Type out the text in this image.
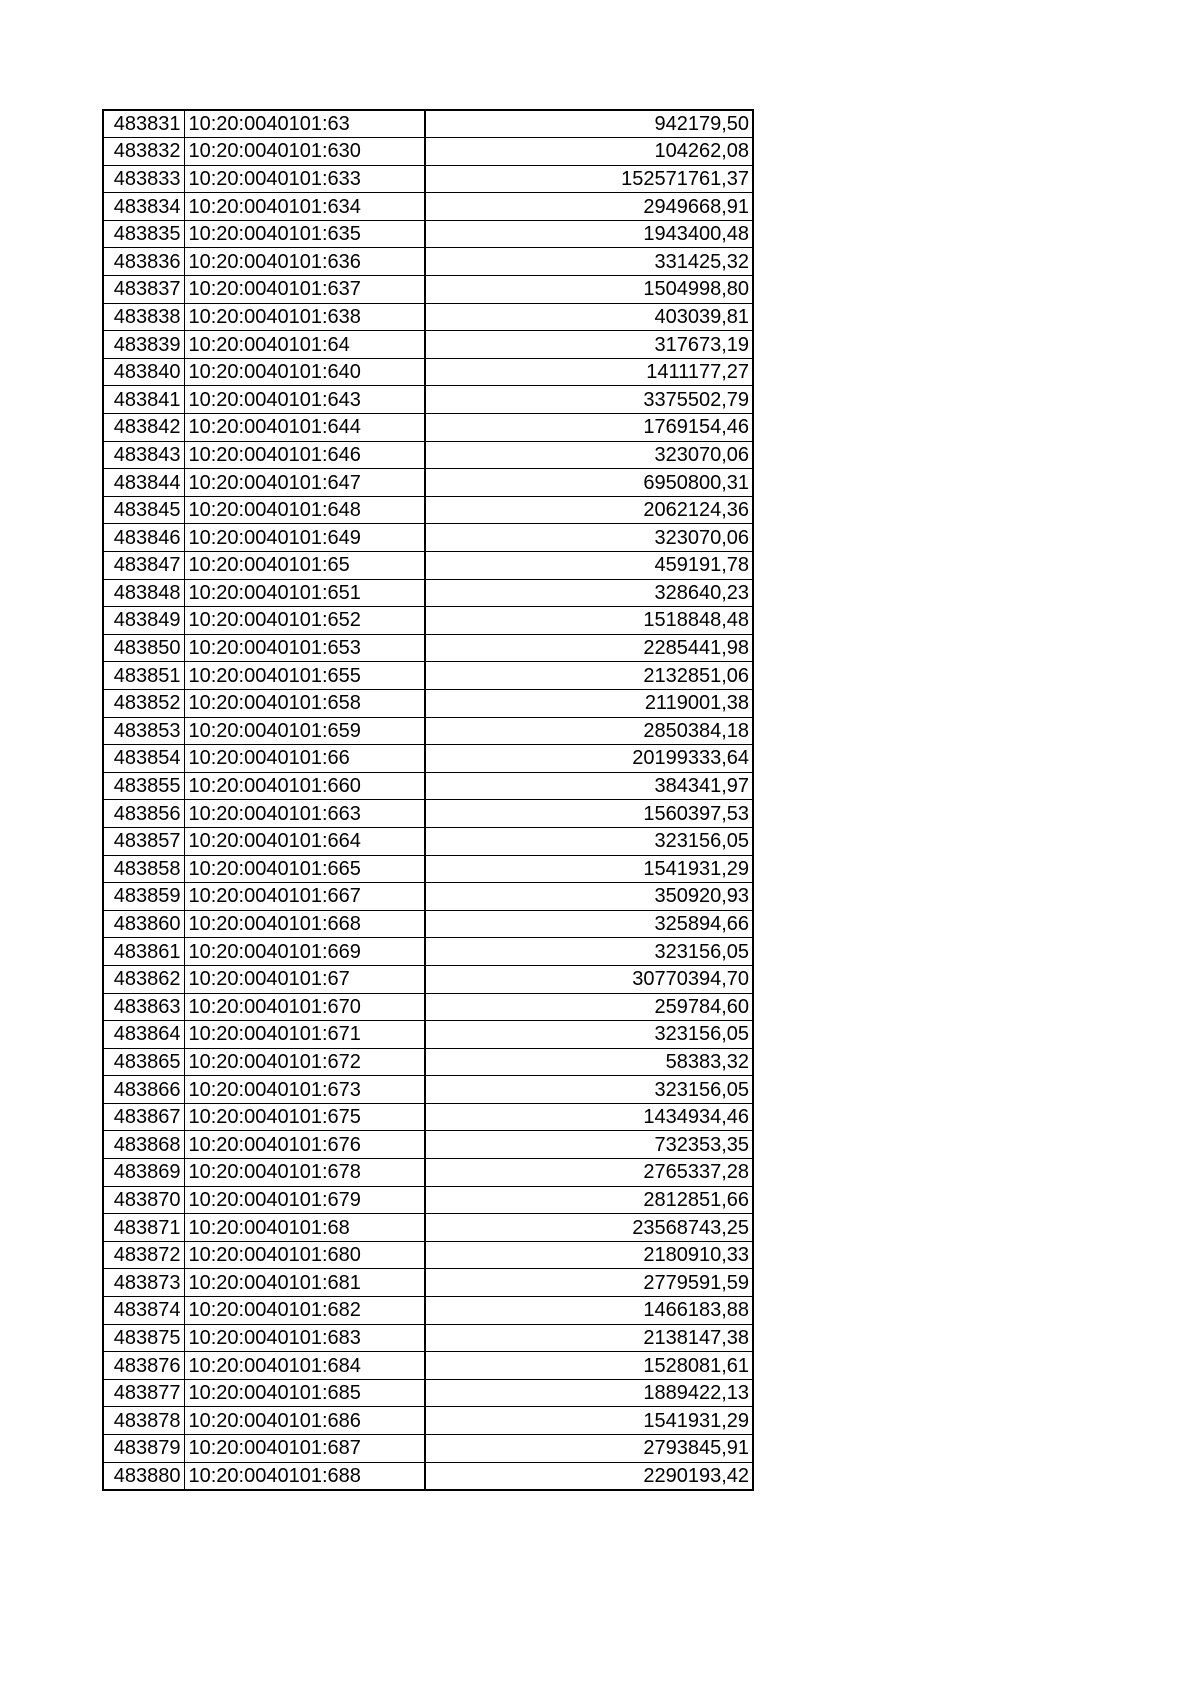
483831	10:20:0040101:63	942179,50
483832	10:20:0040101:630	104262,08
483833	10:20:0040101:633	152571761,37
483834	10:20:0040101:634	2949668,91
483835	10:20:0040101:635	1943400,48
483836	10:20:0040101:636	331425,32
483837	10:20:0040101:637	1504998,80
483838	10:20:0040101:638	403039,81
483839	10:20:0040101:64	317673,19
483840	10:20:0040101:640	1411177,27
483841	10:20:0040101:643	3375502,79
483842	10:20:0040101:644	1769154,46
483843	10:20:0040101:646	323070,06
483844	10:20:0040101:647	6950800,31
483845	10:20:0040101:648	2062124,36
483846	10:20:0040101:649	323070,06
483847	10:20:0040101:65	459191,78
483848	10:20:0040101:651	328640,23
483849	10:20:0040101:652	1518848,48
483850	10:20:0040101:653	2285441,98
483851	10:20:0040101:655	2132851,06
483852	10:20:0040101:658	2119001,38
483853	10:20:0040101:659	2850384,18
483854	10:20:0040101:66	20199333,64
483855	10:20:0040101:660	384341,97
483856	10:20:0040101:663	1560397,53
483857	10:20:0040101:664	323156,05
483858	10:20:0040101:665	1541931,29
483859	10:20:0040101:667	350920,93
483860	10:20:0040101:668	325894,66
483861	10:20:0040101:669	323156,05
483862	10:20:0040101:67	30770394,70
483863	10:20:0040101:670	259784,60
483864	10:20:0040101:671	323156,05
483865	10:20:0040101:672	58383,32
483866	10:20:0040101:673	323156,05
483867	10:20:0040101:675	1434934,46
483868	10:20:0040101:676	732353,35
483869	10:20:0040101:678	2765337,28
483870	10:20:0040101:679	2812851,66
483871	10:20:0040101:68	23568743,25
483872	10:20:0040101:680	2180910,33
483873	10:20:0040101:681	2779591,59
483874	10:20:0040101:682	1466183,88
483875	10:20:0040101:683	2138147,38
483876	10:20:0040101:684	1528081,61
483877	10:20:0040101:685	1889422,13
483878	10:20:0040101:686	1541931,29
483879	10:20:0040101:687	2793845,91
483880	10:20:0040101:688	2290193,42
